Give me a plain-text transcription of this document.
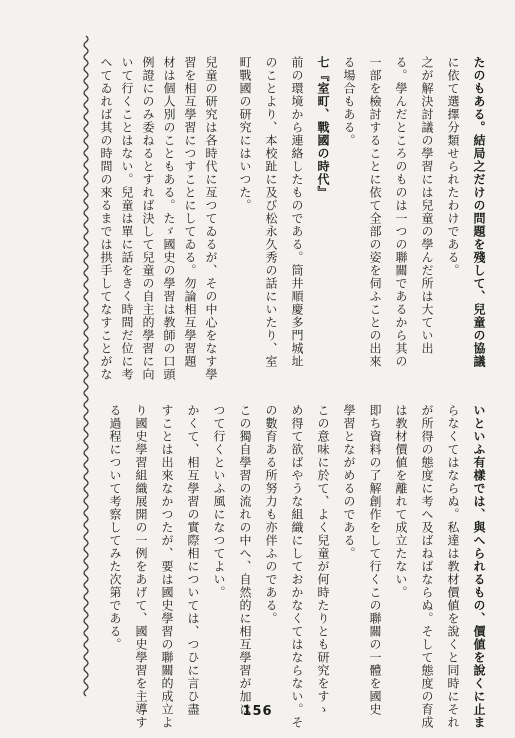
たのもある。結局之だけの問題を殘して、兒童の協議
に依て選擇分類せられたわけである。
之が解決討議の學習には兒童の學んだ所は大てい出
る。學んだところのものは一つの聯關であるから其の
一部を檢討することに依て全部の姿を伺ふことの出來
る場合もある。
七『室町、戰國の時代』
前の環境から連絡したものである。筒井順慶多門城址
のことより、本校趾に及び松永久秀の話にいたり、室
町戰國の研究にはいつた。
兒童の研究は各時代に亙つてゐるが、その中心をなす學
習を相互學習につすことにしてゐる。勿論相互學習題
材は個人別のこともある。たゞ國史の學習は教師の口頭
いといふ有樣では、與へられるもの、價値を說くに止ま
らなくてはならぬ。私達は教材價値を說くと同時にそれ
が所得の態度に考へ及ばねばならぬ。そして態度の育成
は教材價値を離れて成立たない。
即ち資料の了解創作をして行くこの聯關の一體を國史
學習とながめるのである。
この意味に於て、よく兒童が何時たりとも研究をすゝ
め得て欲ばやうな組織にしておかなくてはならない。そ
の數育ある所努力も亦伴ふのである。
この獨自學習の流れの中へ、自然的に相互學習が加は
つて行くといふ風になつてよい。
かくて、相互學習の實際相については、つひに言ひ盡
すことは出來なかつたが、要は國史學習の聯關的成立よ
り國史學習組織展開の一例をあげて、國史學習を主導す
る過程について考察してみた次第である。
156
例證にのみ委ねるとすれば決して兒童の自主的學習に向
いて行くことはない。兒童は單に話をきく時間だ位に考
へてゐれば其の時間の來るまでは拱手してなすことがな
